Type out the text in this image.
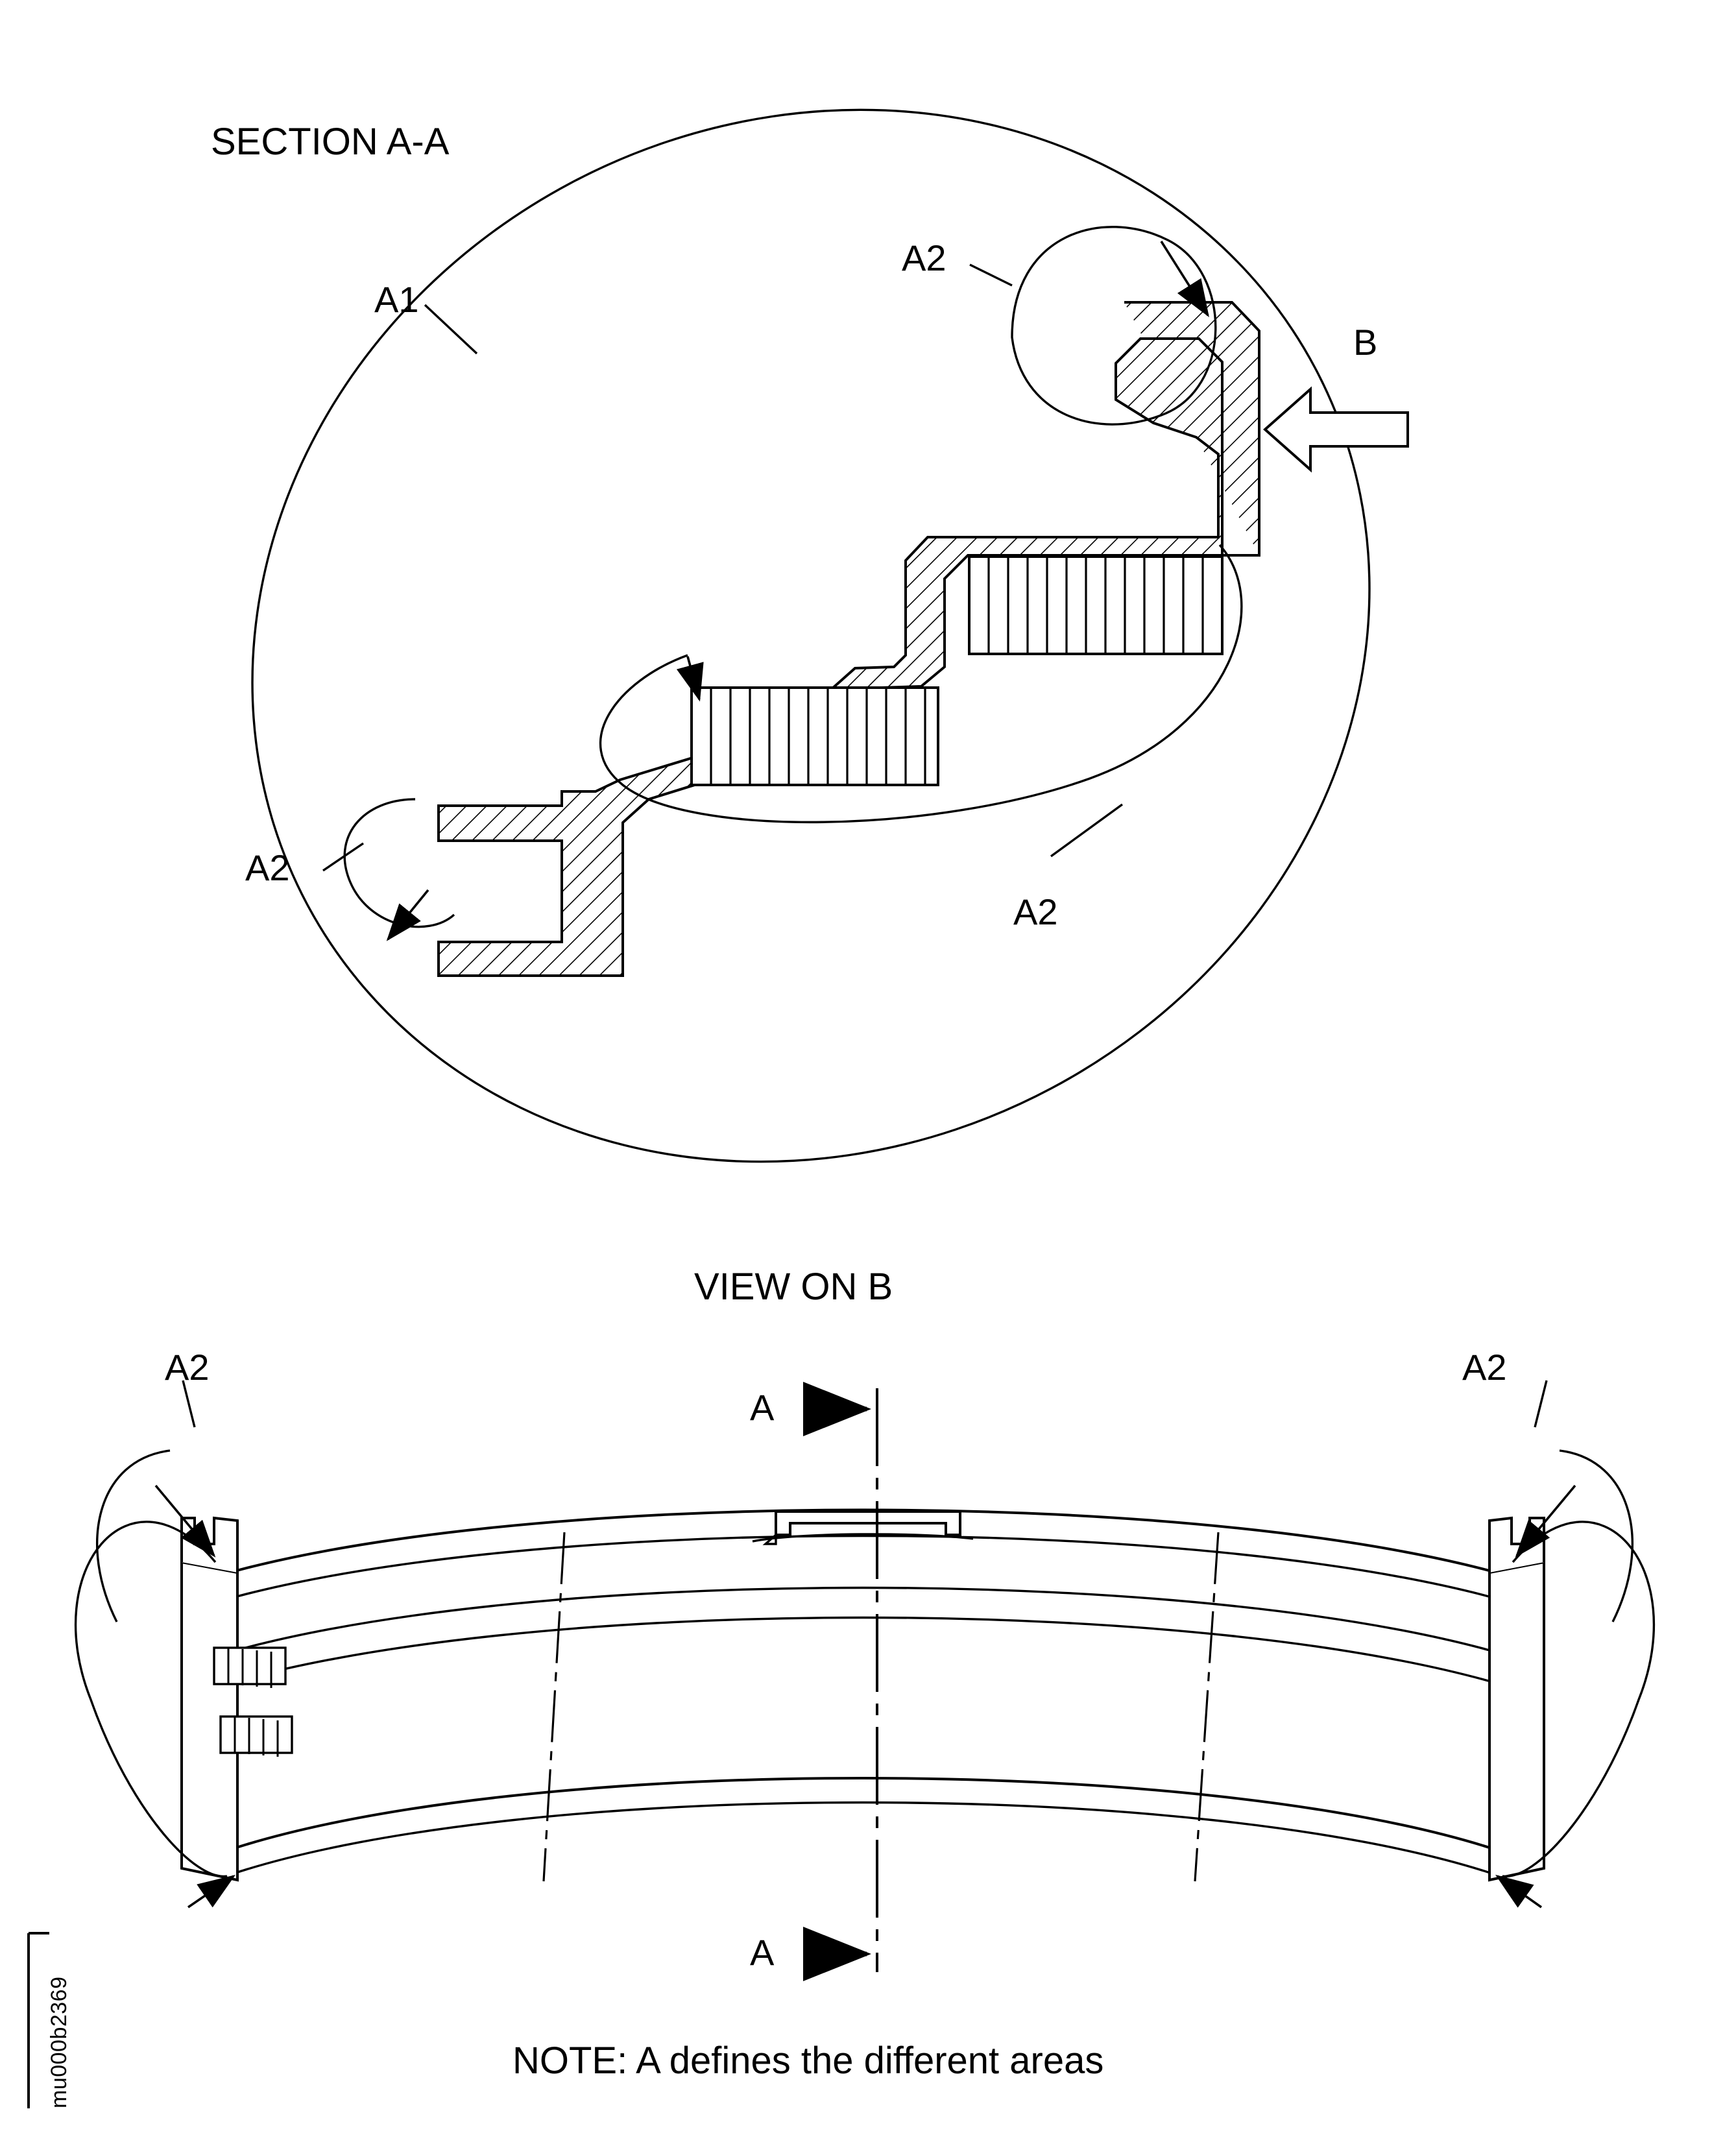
SECTION A-A
A1
A2
A2
A2
B
VIEW ON B
A2	A2
A
A
NOTE: A defines the different areas
mu000b2369
